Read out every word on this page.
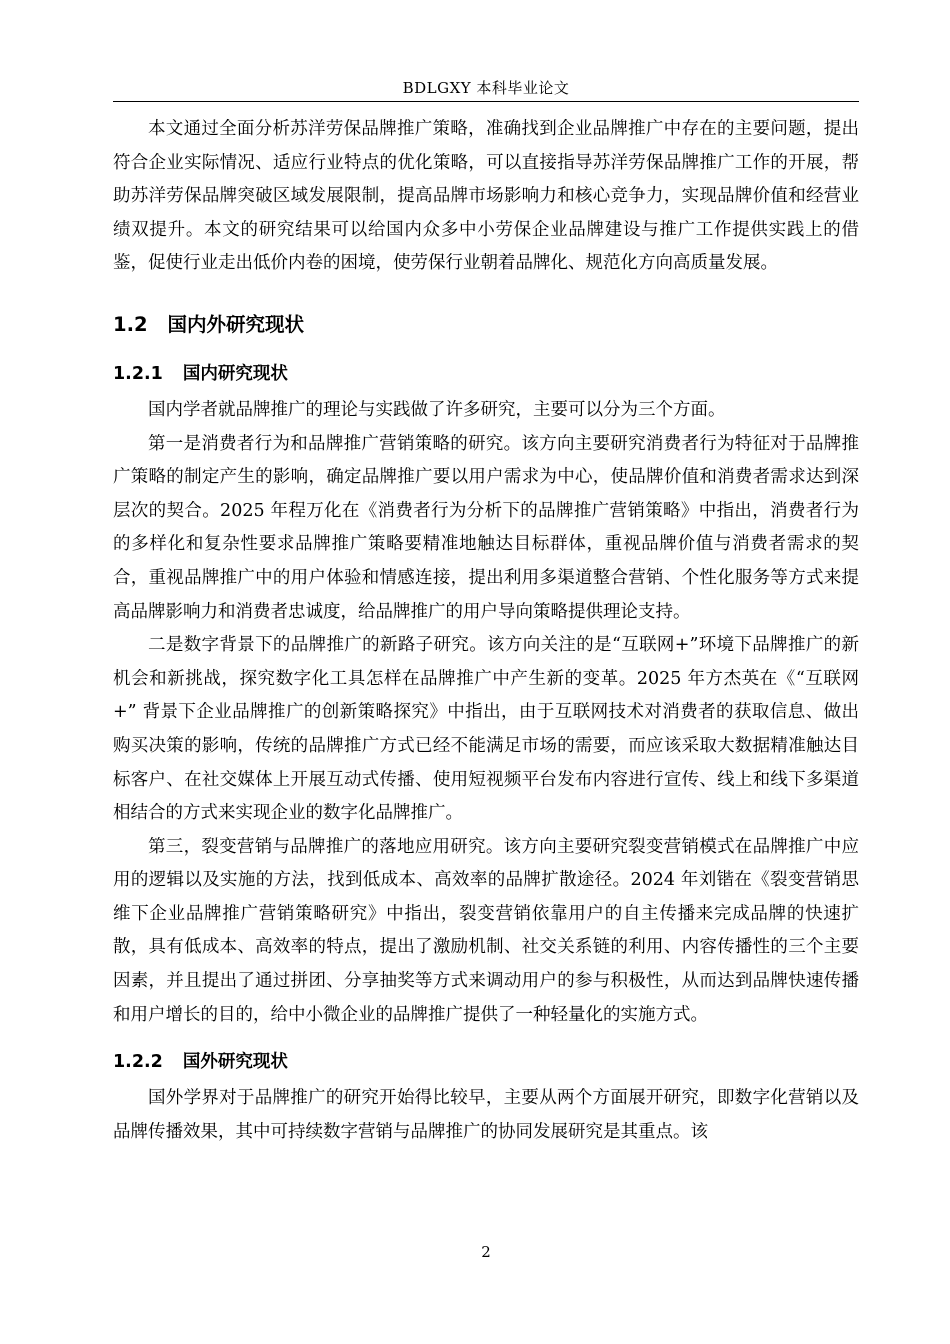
BDLGXY 本科毕业论文

本文通过全面分析苏洋劳保品牌推广策略，准确找到企业品牌推广中存在的主要问题，提出符合企业实际情况、适应行业特点的优化策略，可以直接指导苏洋劳保品牌推广工作的开展，帮助苏洋劳保品牌突破区域发展限制，提高品牌市场影响力和核心竞争力，实现品牌价值和经营业绩双提升。本文的研究结果可以给国内众多中小劳保企业品牌建设与推广工作提供实践上的借鉴，促使行业走出低价内卷的困境，使劳保行业朝着品牌化、规范化方向高质量发展。

1.2 国内外研究现状
1.2.1 国内研究现状

国内学者就品牌推广的理论与实践做了许多研究，主要可以分为三个方面。

第一是消费者行为和品牌推广营销策略的研究。该方向主要研究消费者行为特征对于品牌推广策略的制定产生的影响，确定品牌推广要以用户需求为中心，使品牌价值和消费者需求达到深层次的契合。2025 年程万化在《消费者行为分析下的品牌推广营销策略》中指出，消费者行为的多样化和复杂性要求品牌推广策略要精准地触达目标群体，重视品牌价值与消费者需求的契合，重视品牌推广中的用户体验和情感连接，提出利用多渠道整合营销、个性化服务等方式来提高品牌影响力和消费者忠诚度，给品牌推广的用户导向策略提供理论支持。

二是数字背景下的品牌推广的新路子研究。该方向关注的是“互联网+”环境下品牌推广的新机会和新挑战，探究数字化工具怎样在品牌推广中产生新的变革。2025 年方杰英在《“互联网 +” 背景下企业品牌推广的创新策略探究》中指出，由于互联网技术对消费者的获取信息、做出购买决策的影响，传统的品牌推广方式已经不能满足市场的需要，而应该采取大数据精准触达目标客户、在社交媒体上开展互动式传播、使用短视频平台发布内容进行宣传、线上和线下多渠道相结合的方式来实现企业的数字化品牌推广。

第三，裂变营销与品牌推广的落地应用研究。该方向主要研究裂变营销模式在品牌推广中应用的逻辑以及实施的方法，找到低成本、高效率的品牌扩散途径。2024 年刘锴在《裂变营销思维下企业品牌推广营销策略研究》中指出，裂变营销依靠用户的自主传播来完成品牌的快速扩散，具有低成本、高效率的特点，提出了激励机制、社交关系链的利用、内容传播性的三个主要因素，并且提出了通过拼团、分享抽奖等方式来调动用户的参与积极性，从而达到品牌快速传播和用户增长的目的，给中小微企业的品牌推广提供了一种轻量化的实施方式。

1.2.2 国外研究现状

国外学界对于品牌推广的研究开始得比较早，主要从两个方面展开研究，即数字化营销以及品牌传播效果，其中可持续数字营销与品牌推广的协同发展研究是其重点。该

2
